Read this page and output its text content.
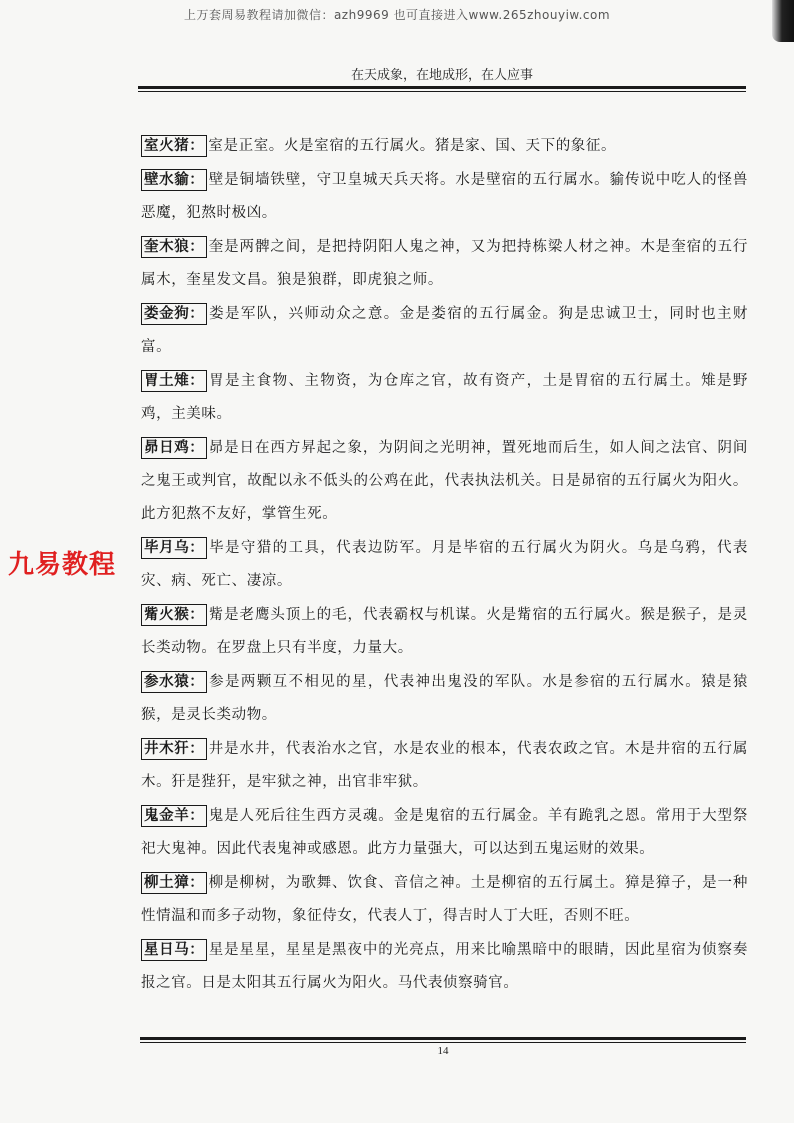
上万套周易教程请加微信：azh9969 也可直接进入www.265zhouyiw.com
在天成象，在地成形，在人应事
九易教程

室火猪： 室是正室。火是室宿的五行属火。猪是家、国、天下的象征。

壁水貐： 壁是铜墙铁壁，守卫皇城天兵天将。水是壁宿的五行属水。貐传说中吃人的怪兽恶魔，犯熬时极凶。

奎木狼： 奎是两髀之间，是把持阴阳人鬼之神，又为把持栋梁人材之神。木是奎宿的五行属木，奎星发文昌。狼是狼群，即虎狼之师。

娄金狗： 娄是军队，兴师动众之意。金是娄宿的五行属金。狗是忠诚卫士，同时也主财富。

胃土雉： 胃是主食物、主物资，为仓库之官，故有资产，土是胃宿的五行属土。雉是野鸡，主美味。

昴日鸡： 昴是日在西方昇起之象，为阴间之光明神，置死地而后生，如人间之法官、阴间之鬼王或判官，故配以永不低头的公鸡在此，代表执法机关。日是昴宿的五行属火为阳火。此方犯熬不友好，掌管生死。

毕月乌： 毕是守猎的工具，代表边防军。月是毕宿的五行属火为阴火。乌是乌鸦，代表灾、病、死亡、凄凉。

觜火猴： 觜是老鹰头顶上的毛，代表霸权与机谋。火是觜宿的五行属火。猴是猴子，是灵长类动物。在罗盘上只有半度，力量大。

参水猿： 参是两颗互不相见的星，代表神出鬼没的军队。水是参宿的五行属水。猿是猿猴，是灵长类动物。

井木犴： 井是水井，代表治水之官，水是农业的根本，代表农政之官。木是井宿的五行属木。犴是狴犴，是牢狱之神，出官非牢狱。

鬼金羊： 鬼是人死后往生西方灵魂。金是鬼宿的五行属金。羊有跪乳之恩。常用于大型祭祀大鬼神。因此代表鬼神或感恩。此方力量强大，可以达到五鬼运财的效果。

柳土獐： 柳是柳树，为歌舞、饮食、音信之神。土是柳宿的五行属土。獐是獐子，是一种性情温和而多子动物，象征侍女，代表人丁，得吉时人丁大旺，否则不旺。

星日马： 星是星星，星星是黑夜中的光亮点，用来比喻黑暗中的眼睛，因此星宿为侦察奏报之官。日是太阳其五行属火为阳火。马代表侦察骑官。

14
